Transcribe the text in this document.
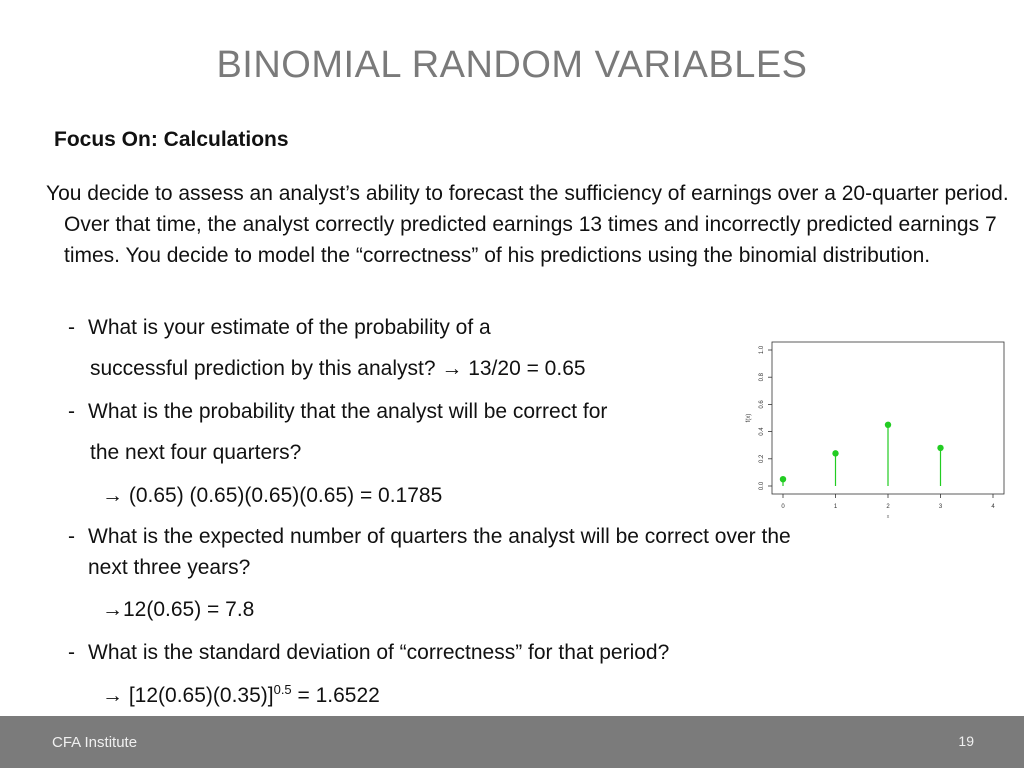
BINOMIAL RANDOM VARIABLES
Focus On: Calculations
You decide to assess an analyst’s ability to forecast the sufficiency of earnings over a 20-quarter period. Over that time, the analyst correctly predicted earnings 13 times and incorrectly predicted earnings 7 times. You decide to model the “correctness” of his predictions using the binomial distribution.
- What is your estimate of the probability of a
successful prediction by this analyst? → 13/20 = 0.65
- What is the probability that the analyst will be correct for
the next four quarters?
→ (0.65) (0.65)(0.65)(0.65) = 0.1785
- What is the expected number of quarters the analyst will be correct over the
next three years?
→12(0.65) = 7.8
- What is the standard deviation of “correctness” for that period?
→ $[12(0.65)(0.35)]^{0.5} = 1.6522$
0	1	2	3	4
x
0.0
0.2
0.4
0.6
0.8
1.0
f(x)
CFA Institute	19
